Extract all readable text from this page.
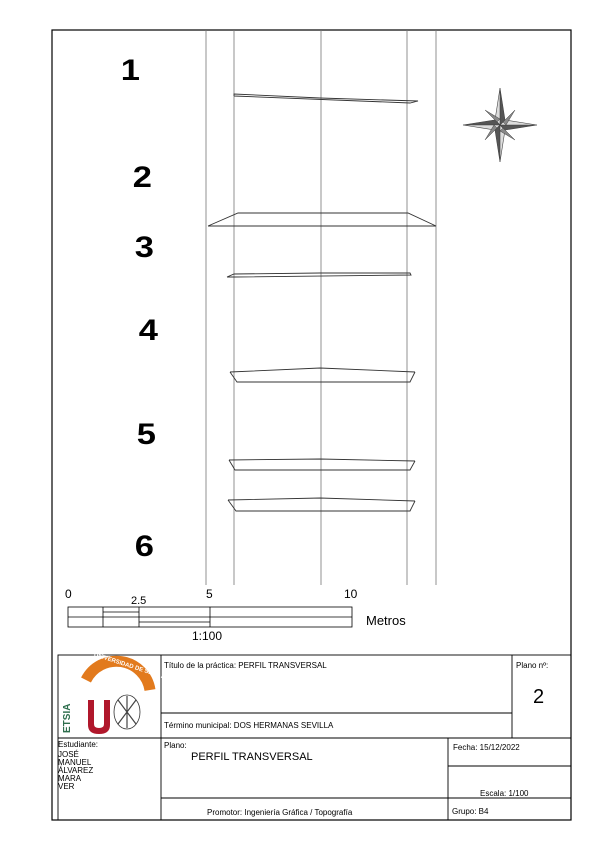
1
2
3
4
5
6
0	2.5	5	10
Metros
1:100
ETSIA
UNIVERSIDAD DE SEVILLA
Título de la práctica: PERFIL TRANSVERSAL	Plano nº:
2
Término municipal: DOS HERMANAS SEVILLA
Estudiante:
JOSÉ
MANUEL
ÁLVAREZ
MARA
VER
Plano:
PERFIL TRANSVERSAL
Fecha: 15/12/2022
Escala: 1/100
Promotor: Ingeniería Gráfica / Topografía	Grupo: B4
